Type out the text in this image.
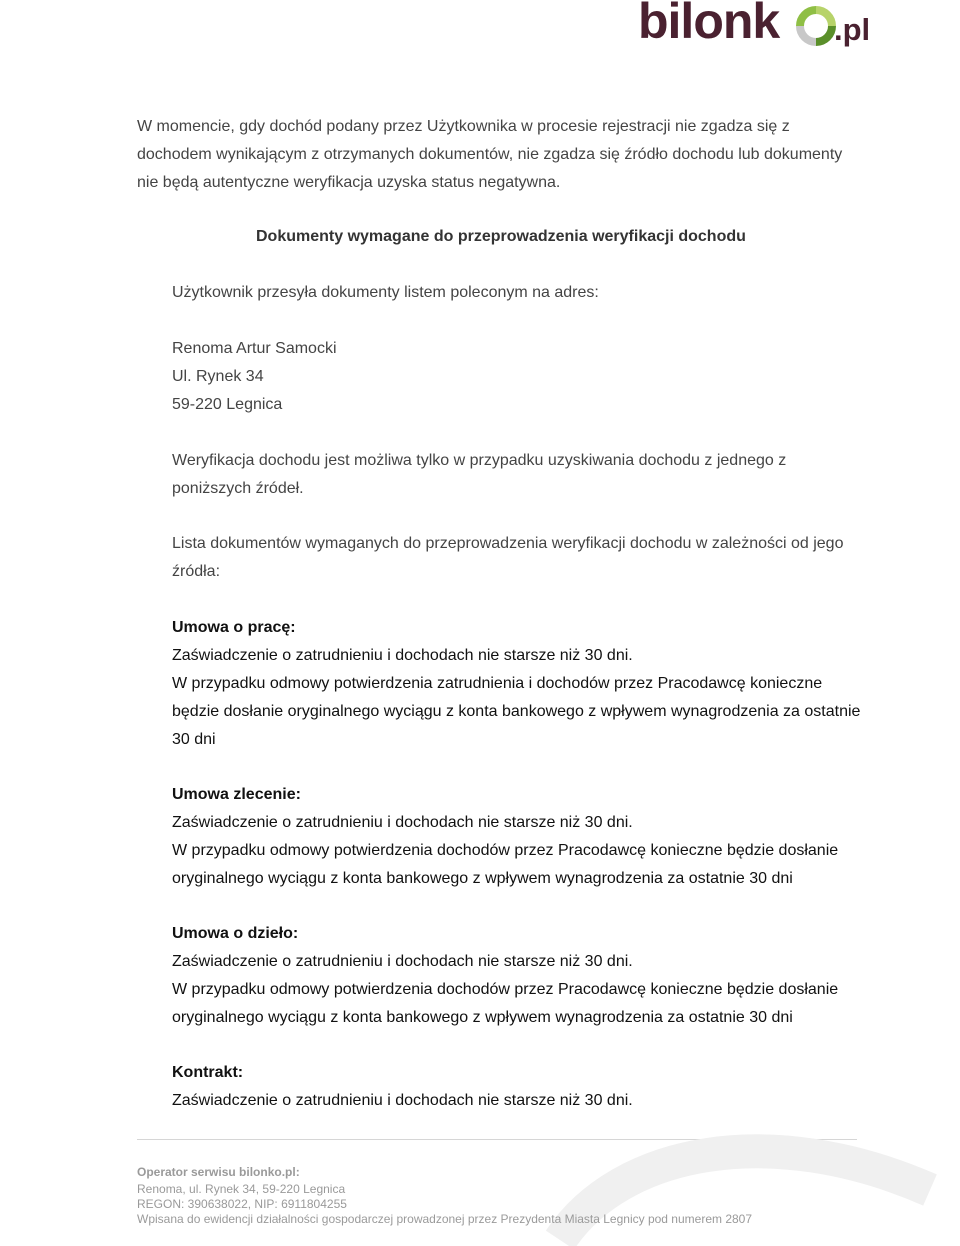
bilonk .pl

W momencie, gdy dochód podany przez Użytkownika w procesie rejestracji nie zgadza się z dochodem wynikającym z otrzymanych dokumentów, nie zgadza się źródło dochodu lub dokumenty nie będą autentyczne weryfikacja uzyska status negatywna.

Dokumenty wymagane do przeprowadzenia weryfikacji dochodu
Użytkownik przesyła dokumenty listem poleconym na adres:
Renoma Artur Samocki
Ul. Rynek 34
59-220 Legnica
Weryfikacja dochodu jest możliwa tylko w przypadku uzyskiwania dochodu z jednego z
poniższych źródeł.
Lista dokumentów wymaganych do przeprowadzenia weryfikacji dochodu w zależności od jego
źródła:
Umowa o pracę:
Zaświadczenie o zatrudnieniu i dochodach nie starsze niż 30 dni.
W przypadku odmowy potwierdzenia zatrudnienia i dochodów przez Pracodawcę konieczne
będzie dosłanie oryginalnego wyciągu z konta bankowego z wpływem wynagrodzenia za ostatnie
30 dni
Umowa zlecenie:
Zaświadczenie o zatrudnieniu i dochodach nie starsze niż 30 dni.
W przypadku odmowy potwierdzenia dochodów przez Pracodawcę konieczne będzie dosłanie
oryginalnego wyciągu z konta bankowego z wpływem wynagrodzenia za ostatnie 30 dni
Umowa o dzieło:
Zaświadczenie o zatrudnieniu i dochodach nie starsze niż 30 dni.
W przypadku odmowy potwierdzenia dochodów przez Pracodawcę konieczne będzie dosłanie
oryginalnego wyciągu z konta bankowego z wpływem wynagrodzenia za ostatnie 30 dni
Kontrakt:
Zaświadczenie o zatrudnieniu i dochodach nie starsze niż 30 dni.
Operator serwisu bilonko.pl:
Renoma, ul. Rynek 34, 59-220 Legnica
REGON: 390638022, NIP: 6911804255
Wpisana do ewidencji działalności gospodarczej prowadzonej przez Prezydenta Miasta Legnicy pod numerem 2807
